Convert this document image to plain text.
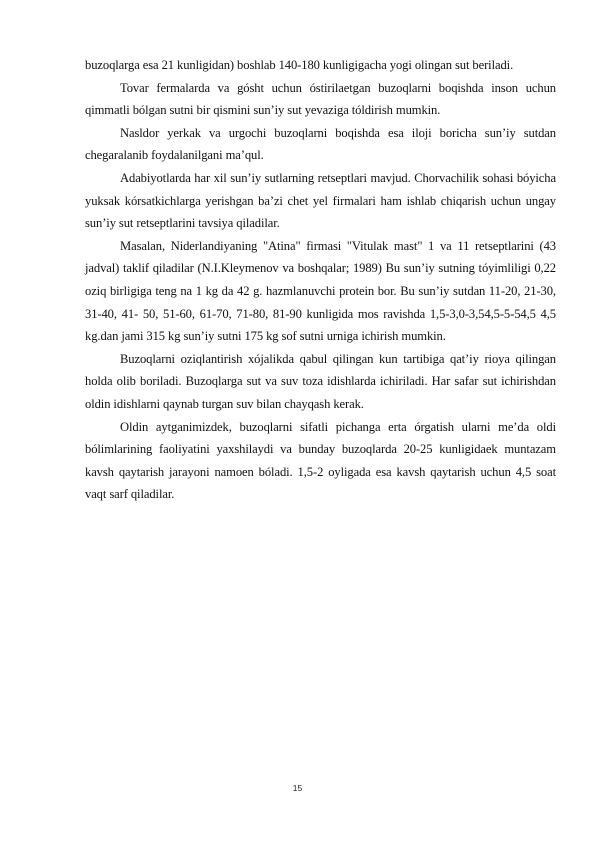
buzoqlarga esa 21 kunligidan) boshlab 140-180 kunligigacha yogi olingan sut beriladi.

Tovar fermalarda va gósht uchun óstirilaetgan buzoqlarni boqishda inson uchun qimmatli bólgan sutni bir qismini sun’iy sut yevaziga tóldirish mumkin.

Nasldor yerkak va urgochi buzoqlarni boqishda esa iloji boricha sun’iy sutdan chegaralanib foydalanilgani ma’qul.

Adabiyotlarda har xil sun’iy sutlarning retseptlari mavjud. Chorvachilik sohasi bóyicha yuksak kórsatkichlarga yerishgan ba’zi chet yel firmalari ham ishlab chiqarish uchun ungay sun’iy sut retseptlarini tavsiya qiladilar.

Masalan, Niderlandiyaning "Atina" firmasi "Vitulak mast" 1 va 11 retseptlarini (43 jadval) taklif qiladilar (N.I.Kleymenov va boshqalar; 1989) Bu sun’iy sutning tóyimliligi 0,22 oziq birligiga teng na 1 kg da 42 g. hazmlanuvchi protein bor. Bu sun’iy sutdan 11-20, 21-30, 31-40, 41- 50, 51-60, 61-70, 71-80, 81-90 kunligida mos ravishda 1,5-3,0-3,54,5-5-54,5 4,5 kg.dan jami 315 kg sun’iy sutni 175 kg sof sutni urniga ichirish mumkin.

Buzoqlarni oziqlantirish xójalikda qabul qilingan kun tartibiga qat’iy rioya qilingan holda olib boriladi. Buzoqlarga sut va suv toza idishlarda ichiriladi. Har safar sut ichirishdan oldin idishlarni qaynab turgan suv bilan chayqash kerak.

Oldin aytganimizdek, buzoqlarni sifatli pichanga erta órgatish ularni me’da oldi bólimlarining faoliyatini yaxshilaydi va bunday buzoqlarda 20-25 kunligidaek muntazam kavsh qaytarish jarayoni namoen bóladi. 1,5-2 oyligada esa kavsh qaytarish uchun 4,5 soat vaqt sarf qiladilar.

15
